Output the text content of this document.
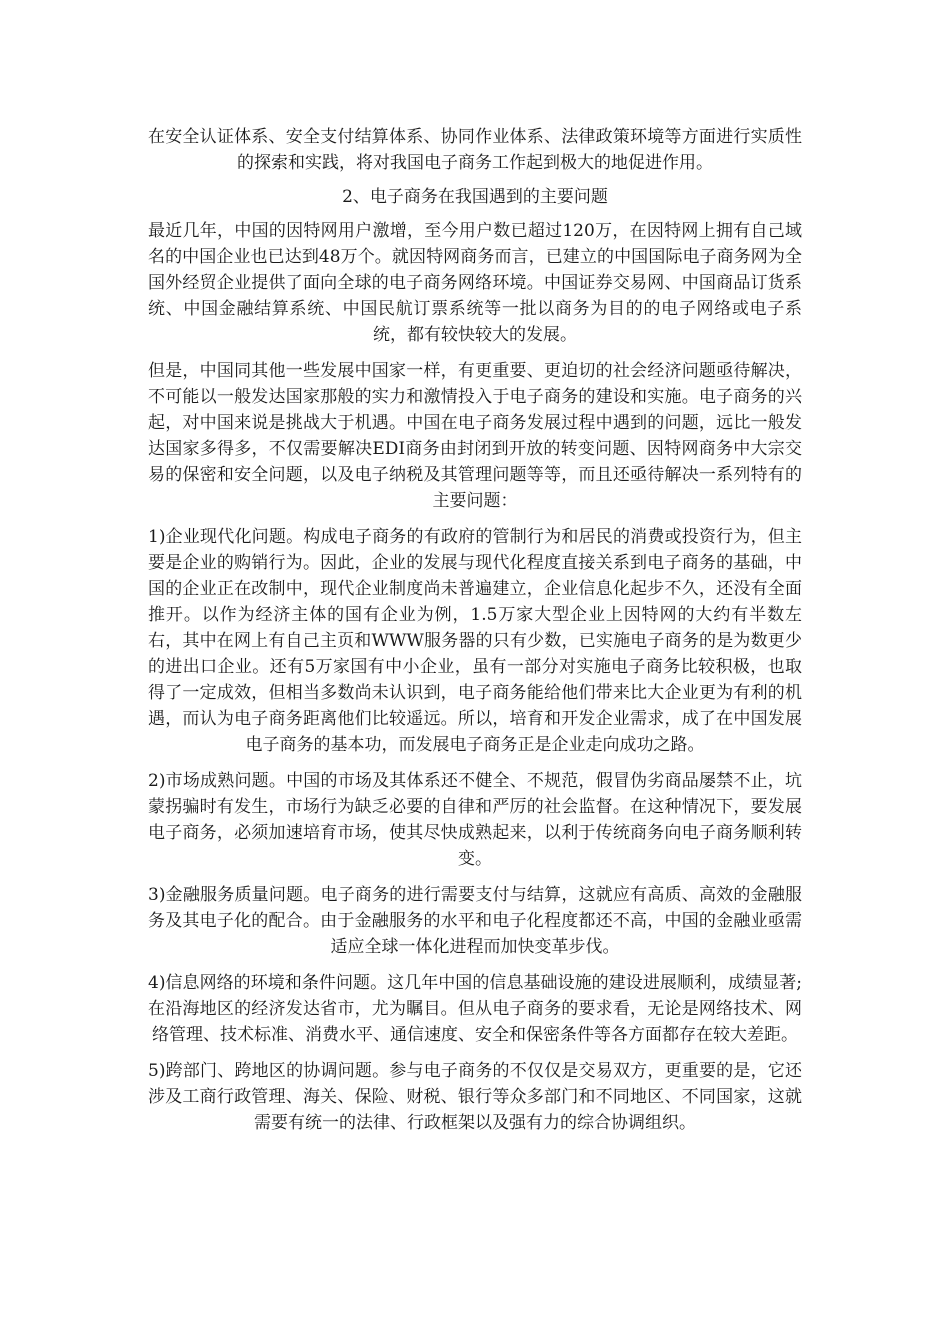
在安全认证体系、安全支付结算体系、协同作业体系、法律政策环境等方面进行实质性的探索和实践，将对我国电子商务工作起到极大的地促进作用。

2、电子商务在我国遇到的主要问题

最近几年，中国的因特网用户激增，至今用户数已超过120万，在因特网上拥有自己域名的中国企业也已达到48万个。就因特网商务而言，已建立的中国国际电子商务网为全国外经贸企业提供了面向全球的电子商务网络环境。中国证券交易网、中国商品订货系统、中国金融结算系统、中国民航订票系统等一批以商务为目的的电子网络或电子系统，都有较快较大的发展。

但是，中国同其他一些发展中国家一样，有更重要、更迫切的社会经济问题亟待解决，不可能以一般发达国家那般的实力和激情投入于电子商务的建设和实施。电子商务的兴起，对中国来说是挑战大于机遇。中国在电子商务发展过程中遇到的问题，远比一般发达国家多得多，不仅需要解决EDI商务由封闭到开放的转变问题、因特网商务中大宗交易的保密和安全问题，以及电子纳税及其管理问题等等，而且还亟待解决一系列特有的主要问题：

1)企业现代化问题。构成电子商务的有政府的管制行为和居民的消费或投资行为，但主要是企业的购销行为。因此，企业的发展与现代化程度直接关系到电子商务的基础，中国的企业正在改制中，现代企业制度尚未普遍建立，企业信息化起步不久，还没有全面推开。以作为经济主体的国有企业为例，1.5万家大型企业上因特网的大约有半数左右，其中在网上有自己主页和WWW服务器的只有少数，已实施电子商务的是为数更少的进出口企业。还有5万家国有中小企业，虽有一部分对实施电子商务比较积极，也取得了一定成效，但相当多数尚未认识到，电子商务能给他们带来比大企业更为有利的机遇，而认为电子商务距离他们比较遥远。所以，培育和开发企业需求，成了在中国发展电子商务的基本功，而发展电子商务正是企业走向成功之路。

2)市场成熟问题。中国的市场及其体系还不健全、不规范，假冒伪劣商品屡禁不止，坑蒙拐骗时有发生，市场行为缺乏必要的自律和严厉的社会监督。在这种情况下，要发展电子商务，必须加速培育市场，使其尽快成熟起来，以利于传统商务向电子商务顺利转变。

3)金融服务质量问题。电子商务的进行需要支付与结算，这就应有高质、高效的金融服务及其电子化的配合。由于金融服务的水平和电子化程度都还不高，中国的金融业亟需适应全球一体化进程而加快变革步伐。

4)信息网络的环境和条件问题。这几年中国的信息基础设施的建设进展顺利，成绩显著;在沿海地区的经济发达省市，尤为瞩目。但从电子商务的要求看，无论是网络技术、网络管理、技术标准、消费水平、通信速度、安全和保密条件等各方面都存在较大差距。

5)跨部门、跨地区的协调问题。参与电子商务的不仅仅是交易双方，更重要的是，它还涉及工商行政管理、海关、保险、财税、银行等众多部门和不同地区、不同国家，这就需要有统一的法律、行政框架以及强有力的综合协调组织。
